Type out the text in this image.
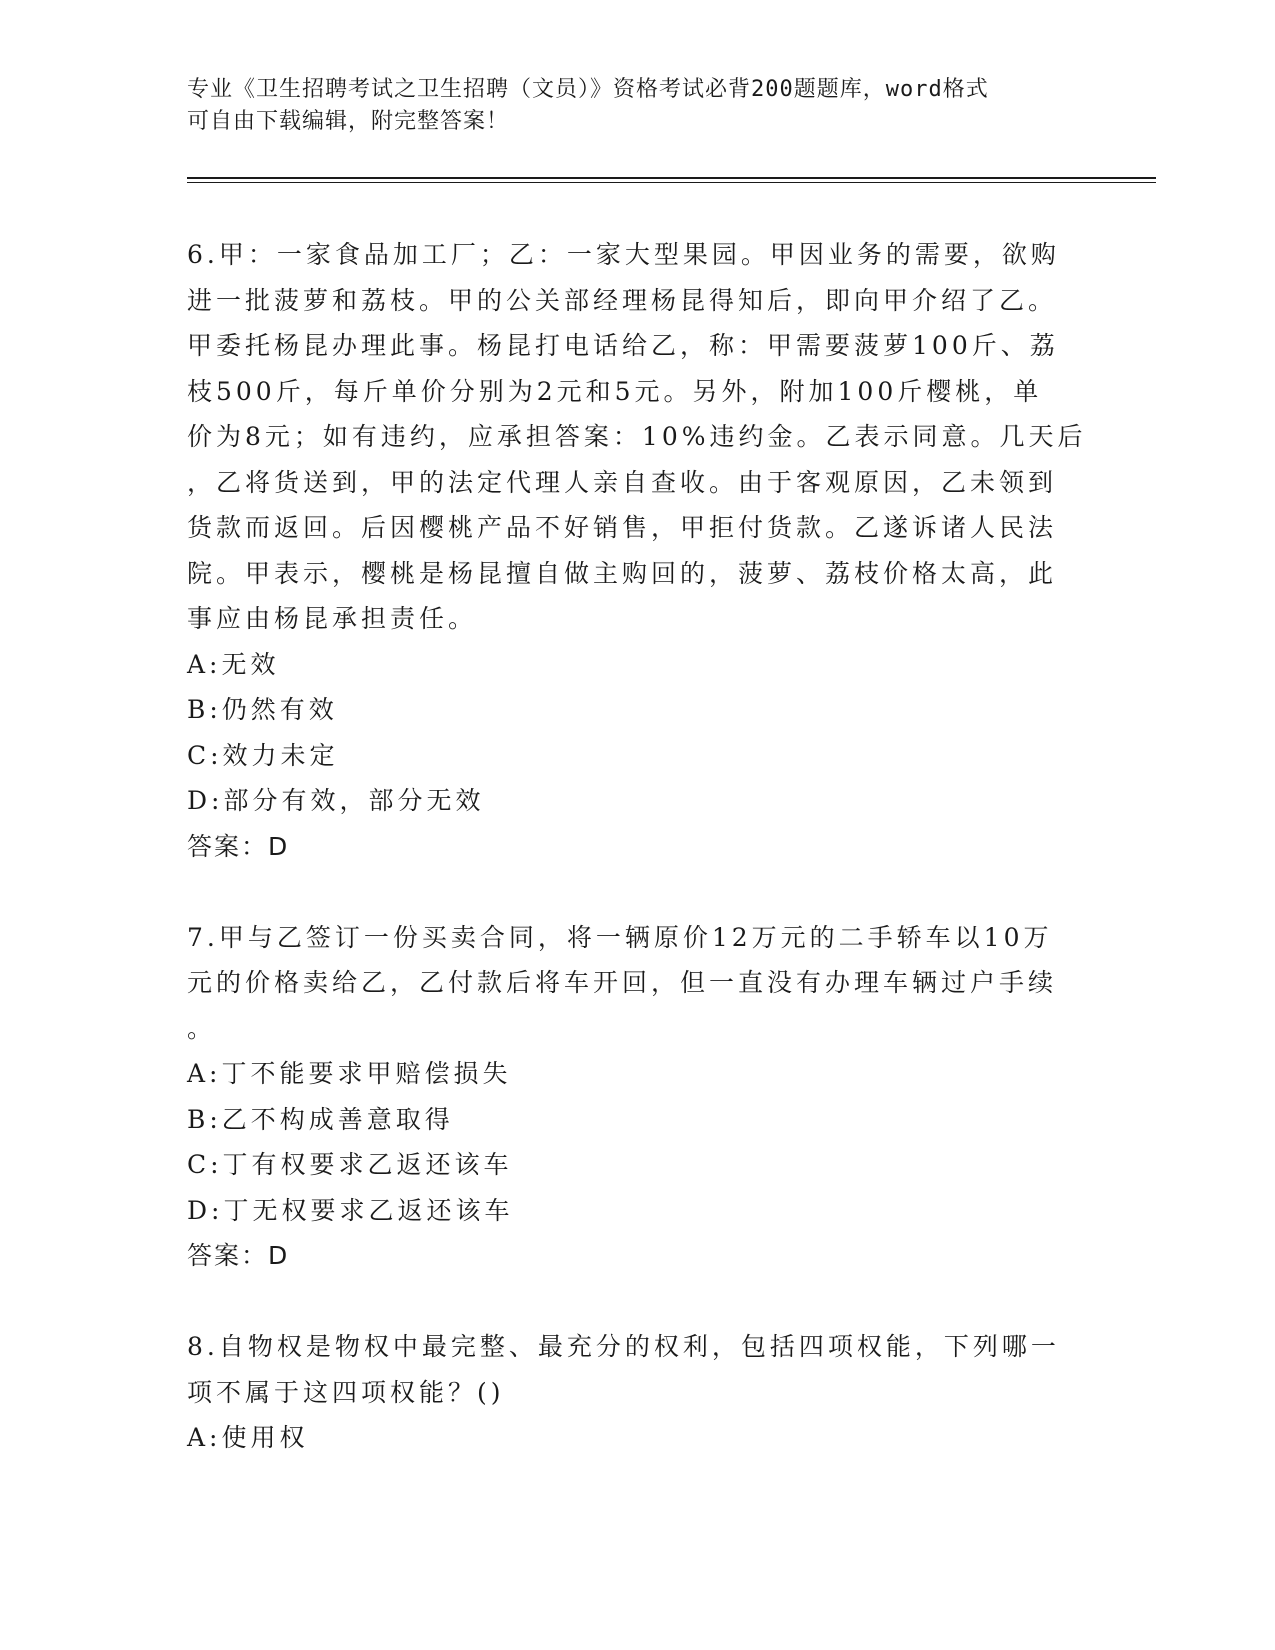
专业《卫生招聘考试之卫生招聘（文员）》资格考试必背200题题库，word格式

可自由下载编辑，附完整答案！

6.甲：一家食品加工厂；乙：一家大型果园。甲因业务的需要，欲购

进一批菠萝和荔枝。甲的公关部经理杨昆得知后，即向甲介绍了乙。

甲委托杨昆办理此事。杨昆打电话给乙，称：甲需要菠萝100斤、荔

枝500斤，每斤单价分别为2元和5元。另外，附加100斤樱桃，单

价为8元；如有违约，应承担答案：10%违约金。乙表示同意。几天后

，乙将货送到，甲的法定代理人亲自查收。由于客观原因，乙未领到

货款而返回。后因樱桃产品不好销售，甲拒付货款。乙遂诉诸人民法

院。甲表示，樱桃是杨昆擅自做主购回的，菠萝、荔枝价格太高，此

事应由杨昆承担责任。

A:无效

B:仍然有效

C:效力未定

D:部分有效，部分无效

答案：D

7.甲与乙签订一份买卖合同，将一辆原价12万元的二手轿车以10万

元的价格卖给乙，乙付款后将车开回，但一直没有办理车辆过户手续

。

A:丁不能要求甲赔偿损失

B:乙不构成善意取得

C:丁有权要求乙返还该车

D:丁无权要求乙返还该车

答案：D

8.自物权是物权中最完整、最充分的权利，包括四项权能，下列哪一

项不属于这四项权能？()

A:使用权
